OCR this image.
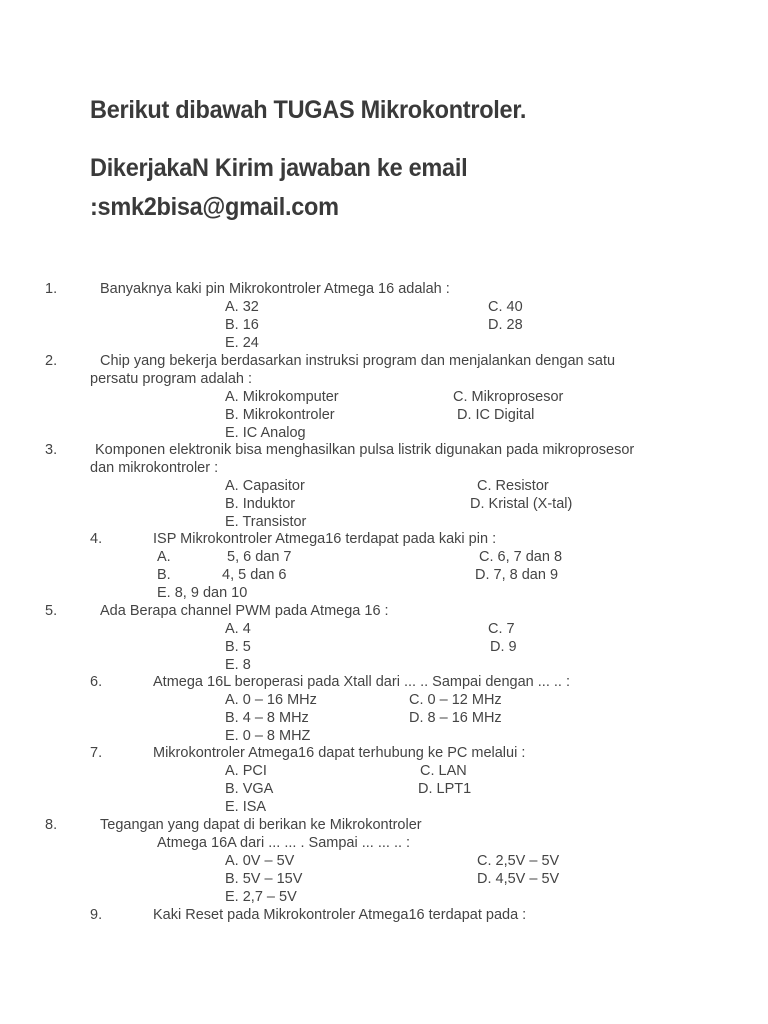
Berikut dibawah TUGAS Mikrokontroler.
DikerjakaN Kirim jawaban ke email
:smk2bisa@gmail.com
1.	Banyaknya kaki pin Mikrokontroler Atmega 16 adalah :
A. 32	C. 40
B. 16	D. 28
E. 24
2.	Chip yang bekerja berdasarkan instruksi program dan menjalankan dengan satu
persatu program adalah :
A. Mikrokomputer	C. Mikroprosesor
B. Mikrokontroler	D. IC Digital
E. IC Analog
3.	Komponen elektronik bisa menghasilkan pulsa listrik digunakan pada mikroprosesor
dan mikrokontroler :
A. Capasitor	C. Resistor
B. Induktor	D. Kristal (X-tal)
E. Transistor
4.	ISP Mikrokontroler Atmega16 terdapat pada kaki pin :
A.	5, 6 dan 7	C. 6, 7 dan 8
B.	4, 5 dan 6	D. 7, 8 dan 9
E. 8, 9 dan 10
5.	Ada Berapa channel PWM pada Atmega 16 :
A. 4	C. 7
B. 5	D. 9
E. 8
6.	Atmega 16L beroperasi pada Xtall dari ... .. Sampai dengan ... .. :
A. 0 – 16 MHz	C. 0 – 12 MHz
B. 4 – 8 MHz	D. 8 – 16 MHz
E. 0 – 8 MHZ
7.	Mikrokontroler Atmega16 dapat terhubung ke PC melalui :
A. PCI	C. LAN
B. VGA	D. LPT1
E. ISA
8.	Tegangan yang dapat di berikan ke Mikrokontroler
Atmega 16A dari ... ... . Sampai ... ... .. :
A. 0V – 5V	C. 2,5V – 5V
B. 5V – 15V	D. 4,5V – 5V
E. 2,7 – 5V
9.	Kaki Reset pada Mikrokontroler Atmega16 terdapat pada :
